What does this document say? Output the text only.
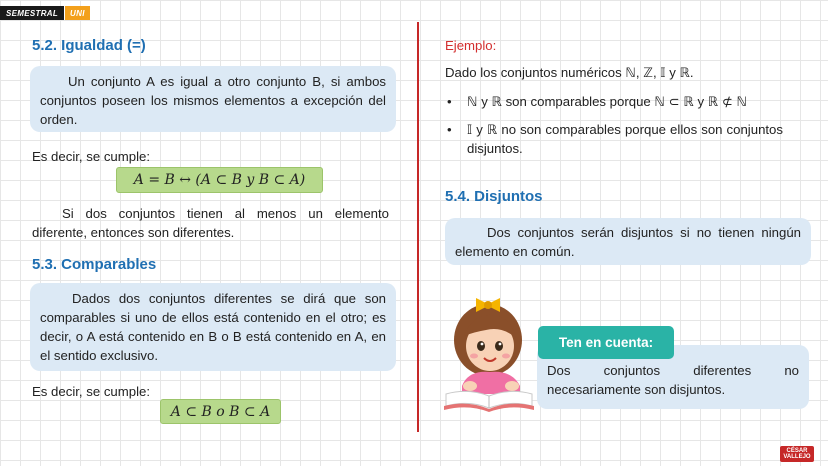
SEMESTRAL	UNI
5.2. Igualdad (=)
Un conjunto A es igual a otro conjunto B, si ambos conjuntos poseen los mismos elementos a excepción del orden.
Es decir, se cumple:
A = B ↔ (A ⊂ B y B ⊂ A)
Si dos conjuntos tienen al menos un elemento diferente, entonces son diferentes.
5.3. Comparables
Dados dos conjuntos diferentes se dirá que son comparables si uno de ellos está contenido en el otro; es decir, o A está contenido en B o B está contenido en A, en el sentido exclusivo.
Es decir, se cumple:
A ⊂ B o B ⊂ A
Ejemplo:
Dado los conjuntos numéricos ℕ, ℤ, 𝕀 y ℝ.
•	ℕ y ℝ son comparables porque ℕ ⊂ ℝ y ℝ ⊄ ℕ
•	𝕀 y ℝ no son comparables porque ellos son conjuntos disjuntos.
5.4. Disjuntos
Dos conjuntos serán disjuntos si no tienen ningún elemento en común.
Dos conjuntos diferentes no necesariamente son disjuntos.
Ten en cuenta:
CÉSAR
VALLEJO
